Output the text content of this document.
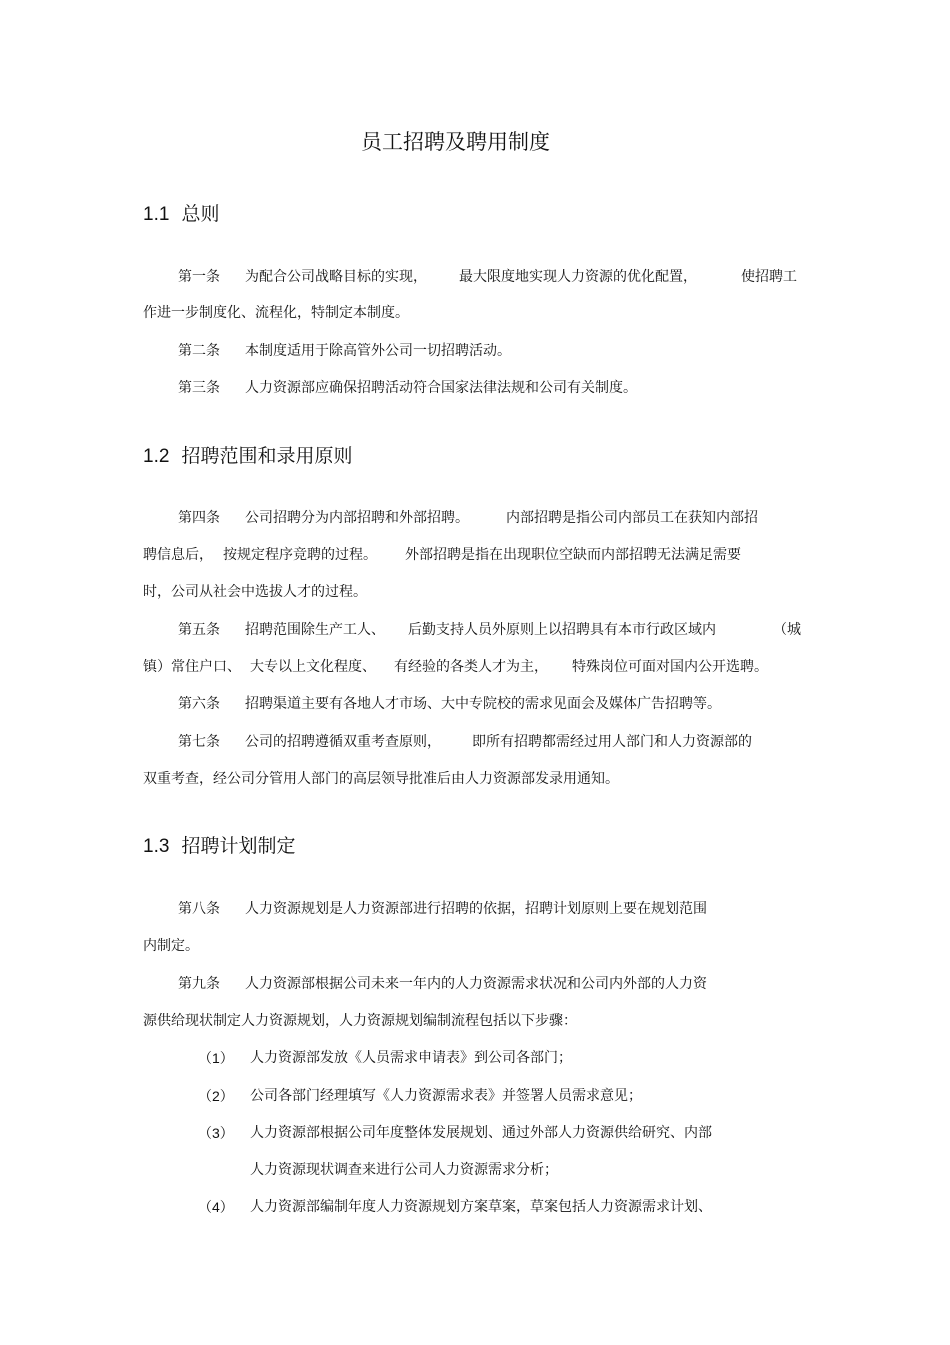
员工招聘及聘用制度
1.1 总则
第一条 为配合公司战略目标的实现， 最大限度地实现人力资源的优化配置，	使招聘工
作进一步制度化、流程化，特制定本制度。
第二条 本制度适用于除高管外公司一切招聘活动。
第三条 人力资源部应确保招聘活动符合国家法律法规和公司有关制度。
1.2 招聘范围和录用原则
第四条 公司招聘分为内部招聘和外部招聘。	内部招聘是指公司内部员工在获知内部招
聘信息后， 按规定程序竞聘的过程。 外部招聘是指在出现职位空缺而内部招聘无法满足需要
时，公司从社会中选拔人才的过程。
第五条 招聘范围除生产工人、 后勤支持人员外原则上以招聘具有本市行政区域内	（城
镇）常住户口、 大专以上文化程度、 有经验的各类人才为主， 特殊岗位可面对国内公开选聘。
第六条 招聘渠道主要有各地人才市场、大中专院校的需求见面会及媒体广告招聘等。
第七条 公司的招聘遵循双重考查原则， 即所有招聘都需经过用人部门和人力资源部的
双重考查，经公司分管用人部门的高层领导批准后由人力资源部发录用通知。
1.3 招聘计划制定
第八条 人力资源规划是人力资源部进行招聘的依据，招聘计划原则上要在规划范围
内制定。
第九条 人力资源部根据公司未来一年内的人力资源需求状况和公司内外部的人力资
源供给现状制定人力资源规划，人力资源规划编制流程包括以下步骤：
（1） 人力资源部发放《人员需求申请表》到公司各部门；
（2） 公司各部门经理填写《人力资源需求表》并签署人员需求意见；
（3） 人力资源部根据公司年度整体发展规划、通过外部人力资源供给研究、内部
人力资源现状调查来进行公司人力资源需求分析；
（4） 人力资源部编制年度人力资源规划方案草案，草案包括人力资源需求计划、
